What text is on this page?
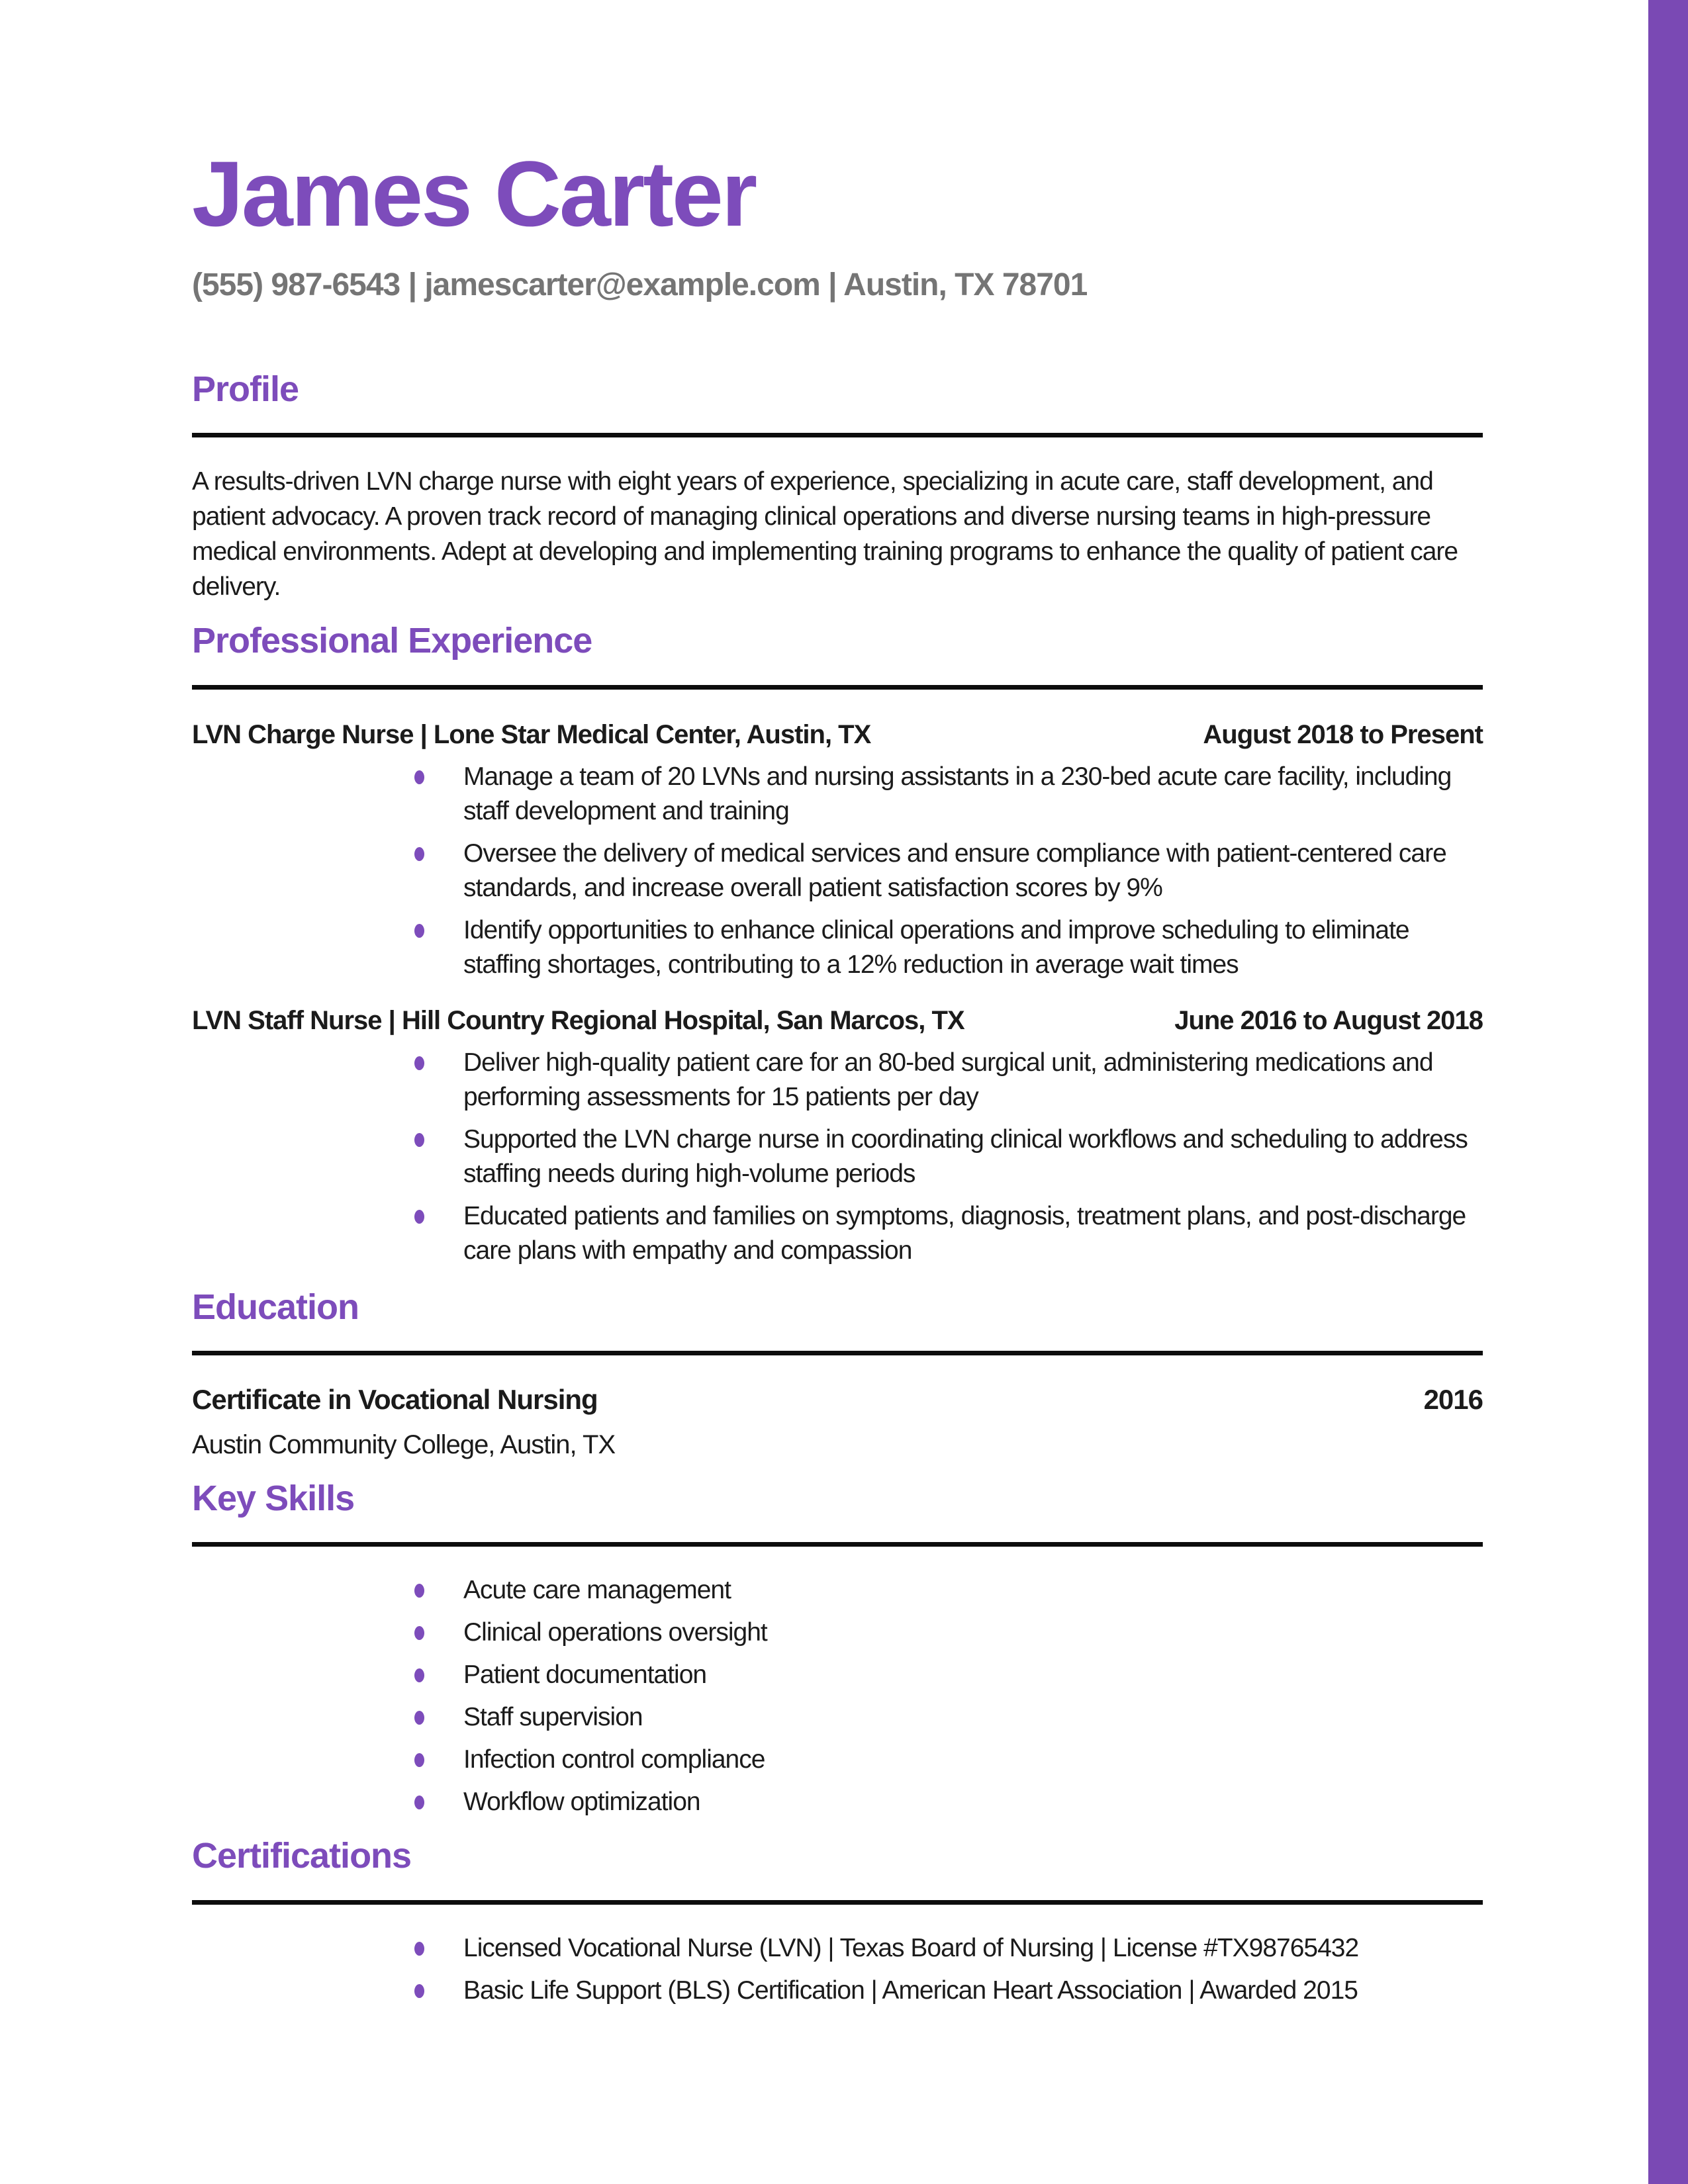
James Carter
(555) 987-6543 | jamescarter@example.com | Austin, TX 78701
Profile

A results-driven LVN charge nurse with eight years of experience, specializing in acute care, staff development, and patient advocacy. A proven track record of managing clinical operations and diverse nursing teams in high-pressure medical environments. Adept at developing and implementing training programs to enhance the quality of patient care delivery.

Professional Experience
LVN Charge Nurse | Lone Star Medical Center, Austin, TX	August 2018 to Present
Manage a team of 20 LVNs and nursing assistants in a 230-bed acute care facility, including staff development and training
Oversee the delivery of medical services and ensure compliance with patient-centered care standards, and increase overall patient satisfaction scores by 9%
Identify opportunities to enhance clinical operations and improve scheduling to eliminate staffing shortages, contributing to a 12% reduction in average wait times
LVN Staff Nurse | Hill Country Regional Hospital, San Marcos, TX	June 2016 to August 2018
Deliver high-quality patient care for an 80-bed surgical unit, administering medications and performing assessments for 15 patients per day
Supported the LVN charge nurse in coordinating clinical workflows and scheduling to address staffing needs during high-volume periods
Educated patients and families on symptoms, diagnosis, treatment plans, and post-discharge care plans with empathy and compassion
Education
Certificate in Vocational Nursing	2016
Austin Community College, Austin, TX
Key Skills
Acute care management
Clinical operations oversight
Patient documentation
Staff supervision
Infection control compliance
Workflow optimization
Certifications
Licensed Vocational Nurse (LVN) | Texas Board of Nursing | License #TX98765432
Basic Life Support (BLS) Certification | American Heart Association | Awarded 2015
